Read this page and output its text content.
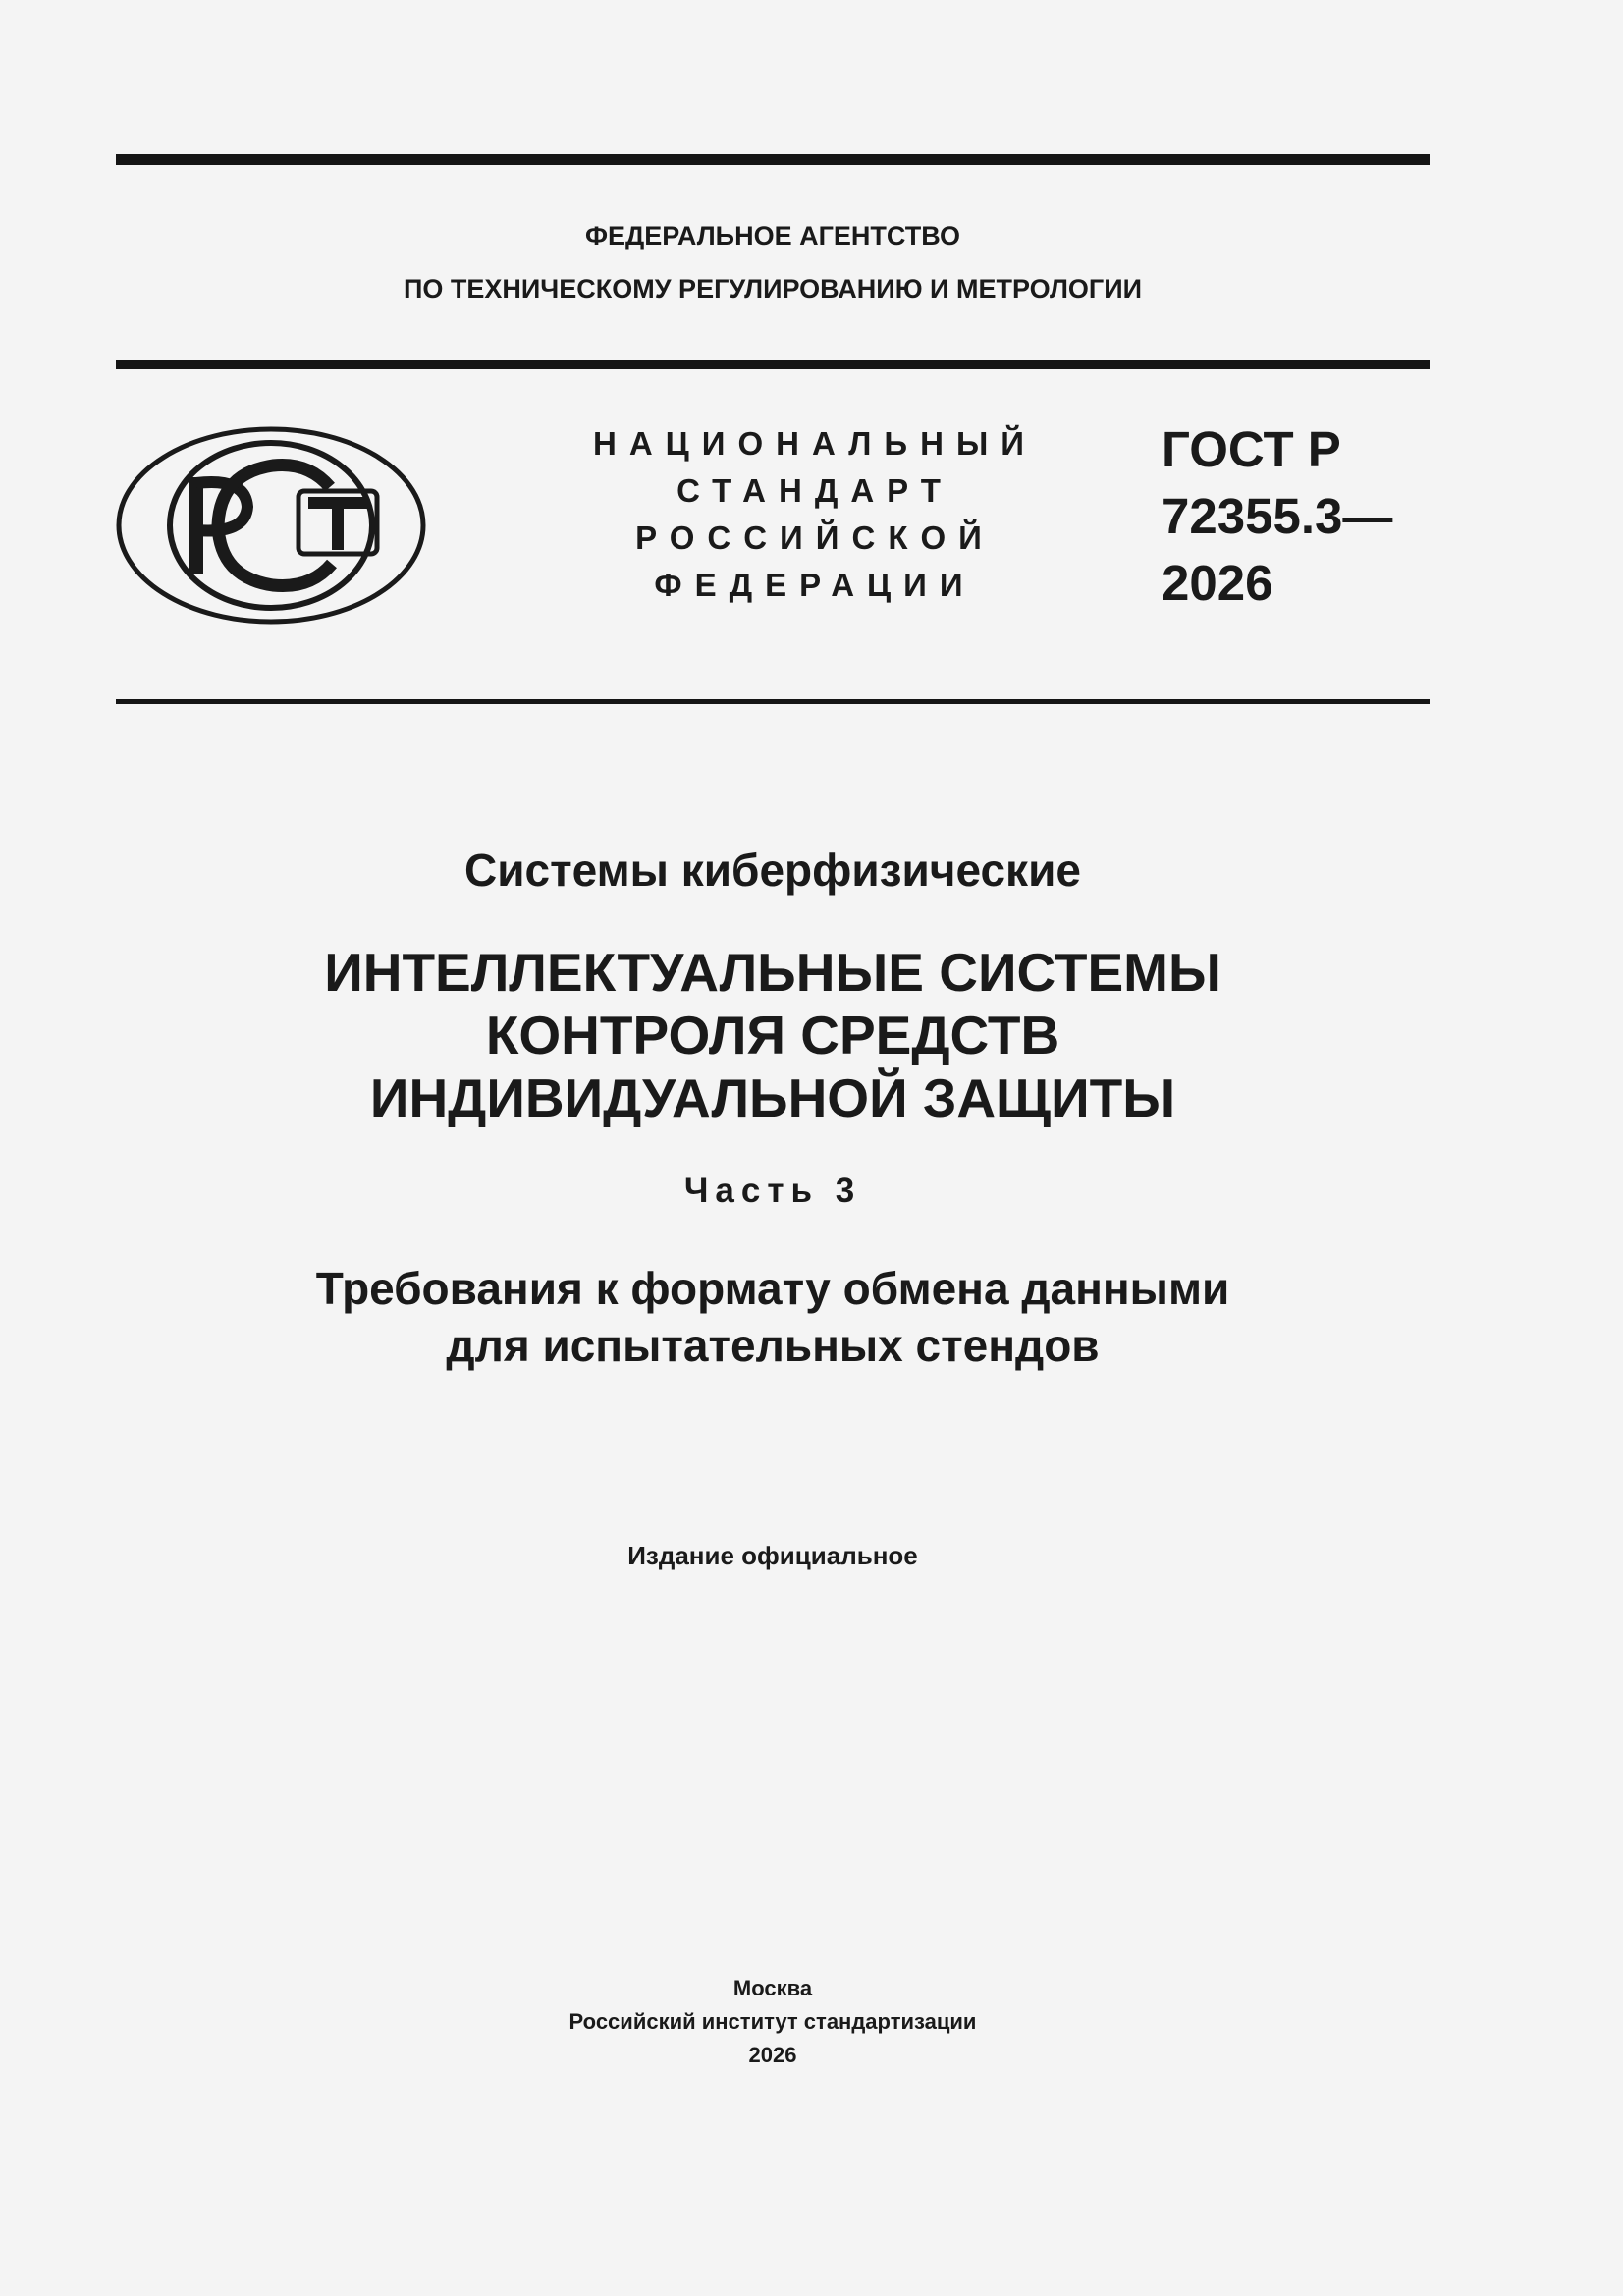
ФЕДЕРАЛЬНОЕ АГЕНТСТВО
ПО ТЕХНИЧЕСКОМУ РЕГУЛИРОВАНИЮ И МЕТРОЛОГИИ
НАЦИОНАЛЬНЫЙ
СТАНДАРТ
РОССИЙСКОЙ
ФЕДЕРАЦИИ
ГОСТ Р
72355.3—
2026
Системы киберфизические
ИНТЕЛЛЕКТУАЛЬНЫЕ СИСТЕМЫ
КОНТРОЛЯ СРЕДСТВ
ИНДИВИДУАЛЬНОЙ ЗАЩИТЫ
Часть 3
Требования к формату обмена данными
для испытательных стендов
Издание официальное
Москва
Российский институт стандартизации
2026
